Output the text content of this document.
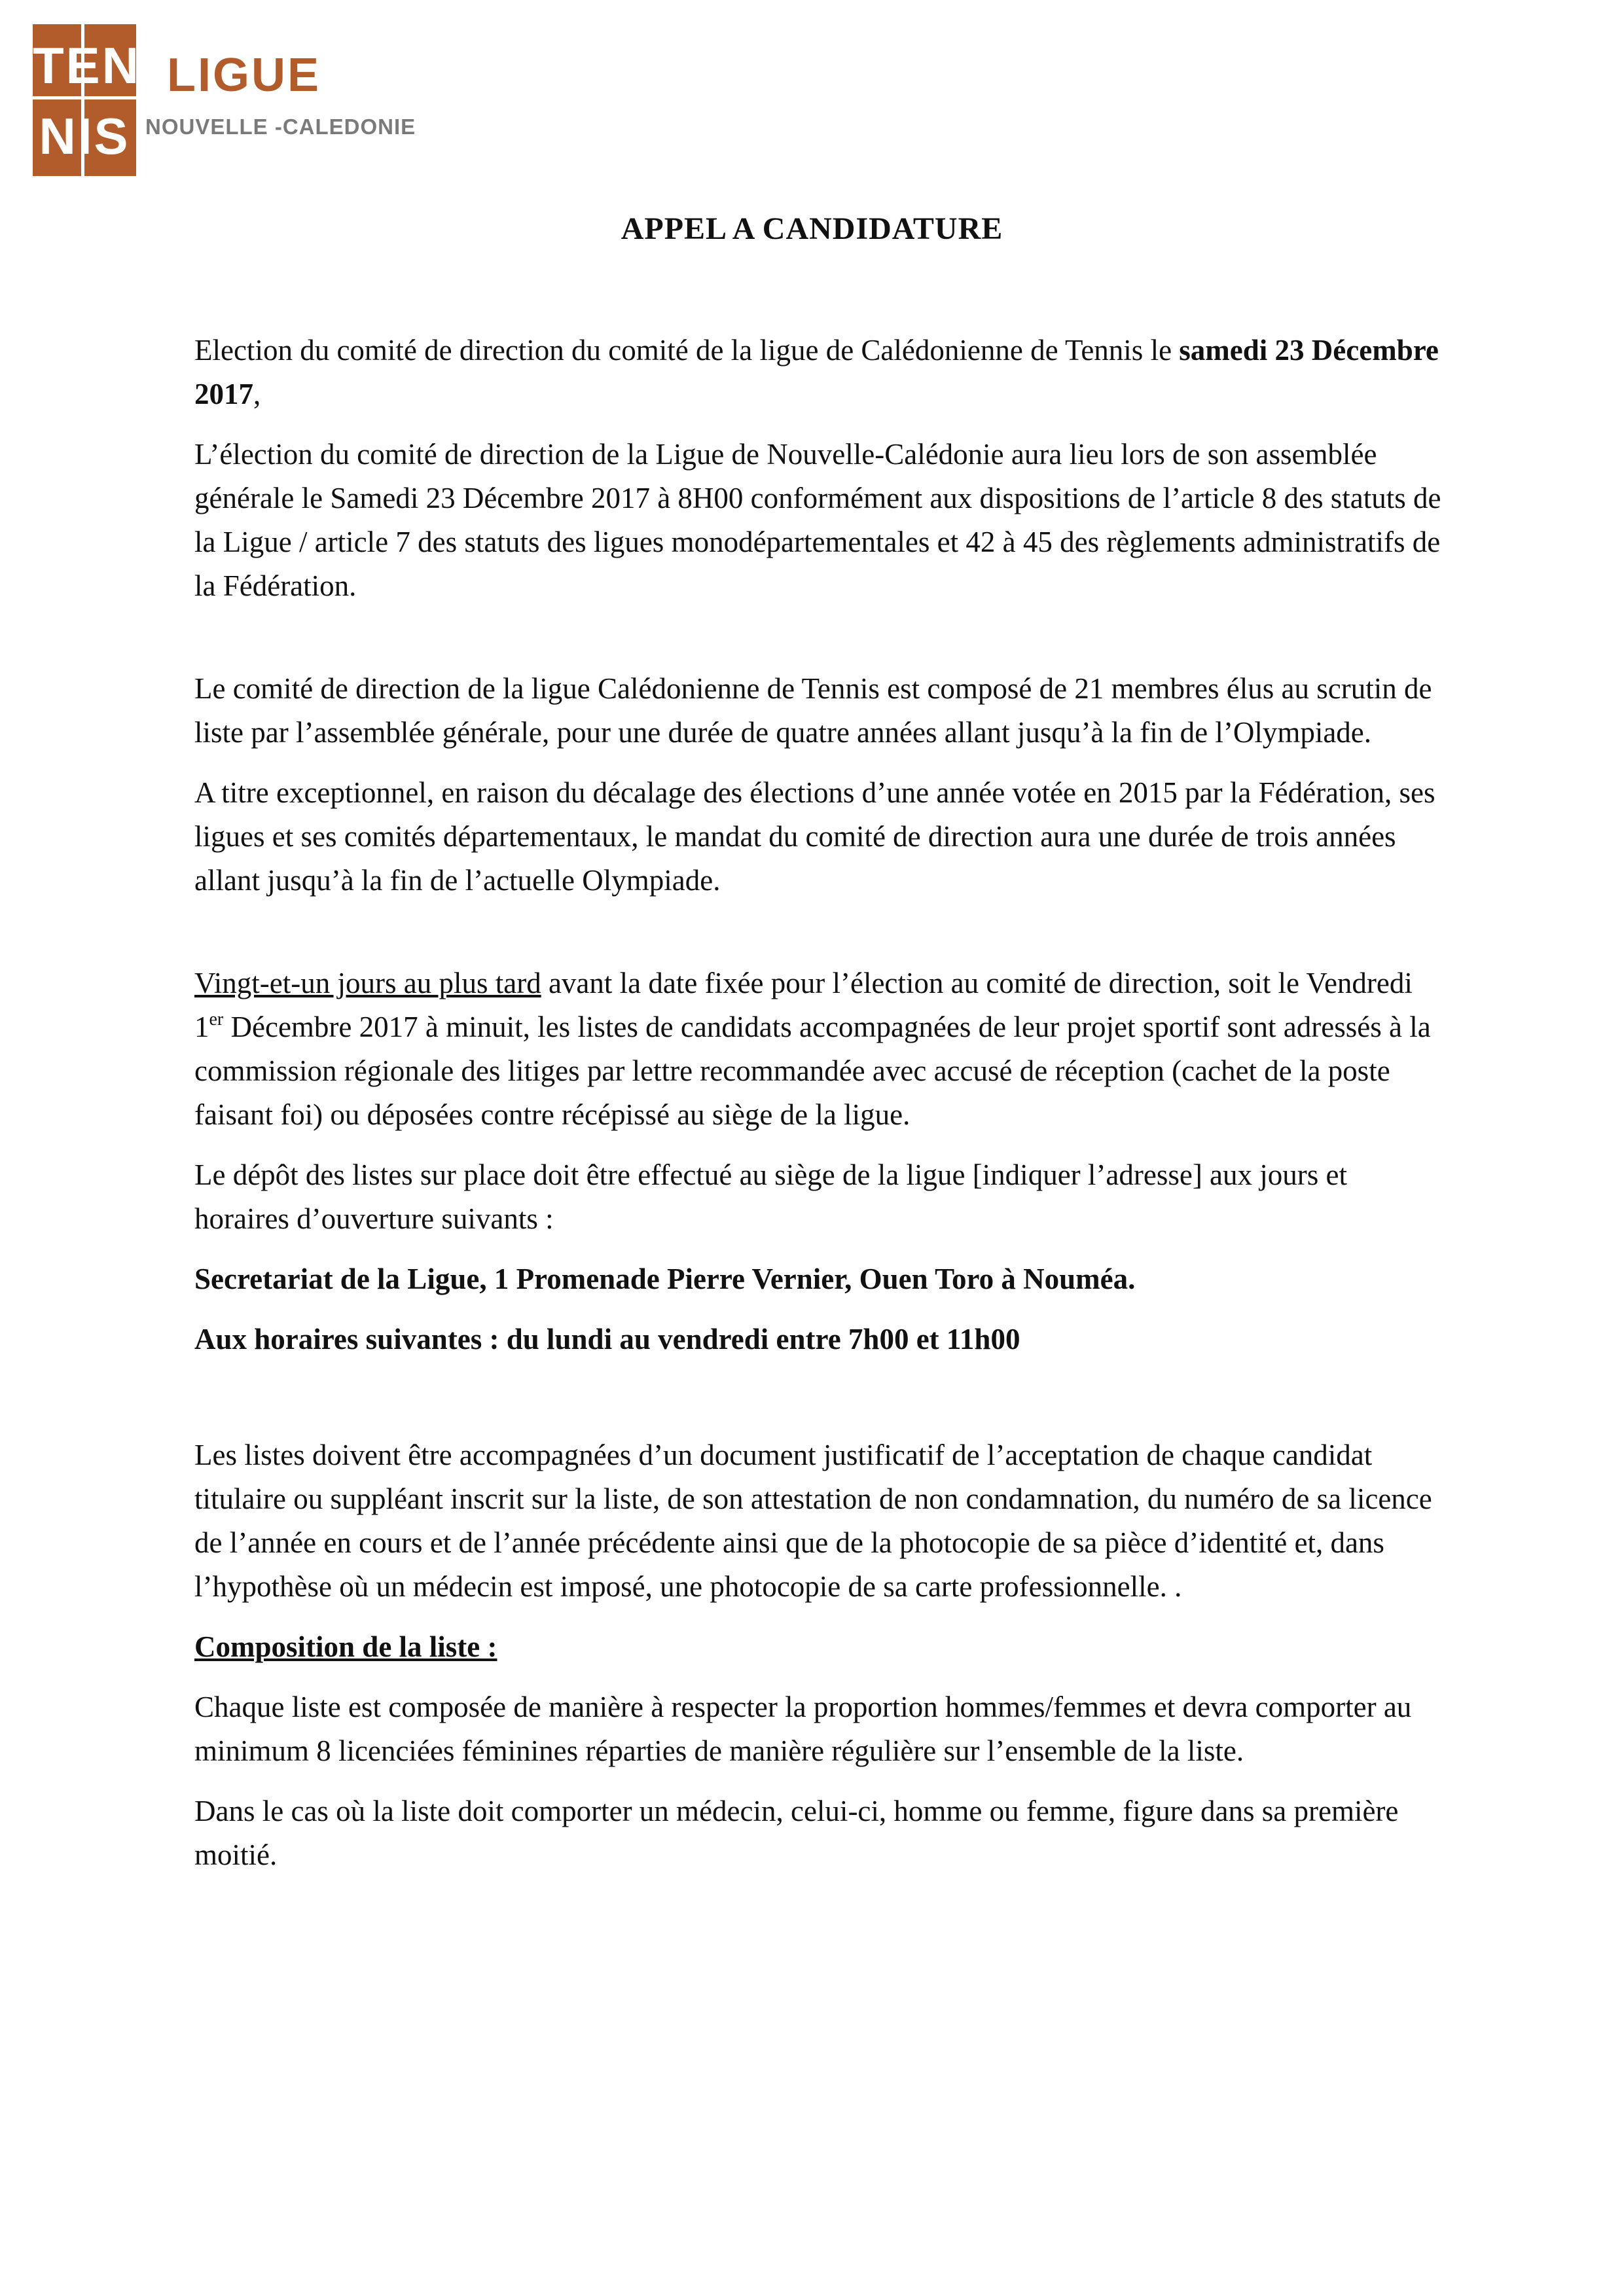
TEN
NIS
LIGUE
NOUVELLE -CALEDONIE
APPEL A CANDIDATURE

Election du comité de direction du comité de la ligue de Calédonienne de Tennis le samedi 23 Décembre 2017,

L’élection du comité de direction de la Ligue de Nouvelle-Calédonie aura lieu lors de son assemblée générale le Samedi 23 Décembre 2017 à 8H00 conformément aux dispositions de l’article 8 des statuts de la Ligue / article 7 des statuts des ligues monodépartementales et 42 à 45 des règlements administratifs de la Fédération.

Le comité de direction de la ligue Calédonienne de Tennis est composé de 21 membres élus au scrutin de liste par l’assemblée générale, pour une durée de quatre années allant jusqu’à la fin de l’Olympiade.

A titre exceptionnel, en raison du décalage des élections d’une année votée en 2015 par la Fédération, ses ligues et ses comités départementaux, le mandat du comité de direction aura une durée de trois années allant jusqu’à la fin de l’actuelle Olympiade.

Vingt-et-un jours au plus tard avant la date fixée pour l’élection au comité de direction, soit le Vendredi 1er Décembre 2017 à minuit, les listes de candidats accompagnées de leur projet sportif sont adressés à la commission régionale des litiges par lettre recommandée avec accusé de réception (cachet de la poste faisant foi) ou déposées contre récépissé au siège de la ligue.

Le dépôt des listes sur place doit être effectué au siège de la ligue [indiquer l’adresse] aux jours et horaires d’ouverture suivants :

Secretariat de la Ligue, 1 Promenade Pierre Vernier, Ouen Toro à Nouméa.

Aux horaires suivantes : du lundi au vendredi entre 7h00 et 11h00

Les listes doivent être accompagnées d’un document justificatif de l’acceptation de chaque candidat titulaire ou suppléant inscrit sur la liste, de son attestation de non condamnation, du numéro de sa licence de l’année en cours et de l’année précédente ainsi que de la photocopie de sa pièce d’identité et, dans l’hypothèse où un médecin est imposé, une photocopie de sa carte professionnelle. .

Composition de la liste :

Chaque liste est composée de manière à respecter la proportion hommes/femmes et devra comporter au minimum 8 licenciées féminines réparties de manière régulière sur l’ensemble de la liste.

Dans le cas où la liste doit comporter un médecin, celui-ci, homme ou femme, figure dans sa première moitié.
